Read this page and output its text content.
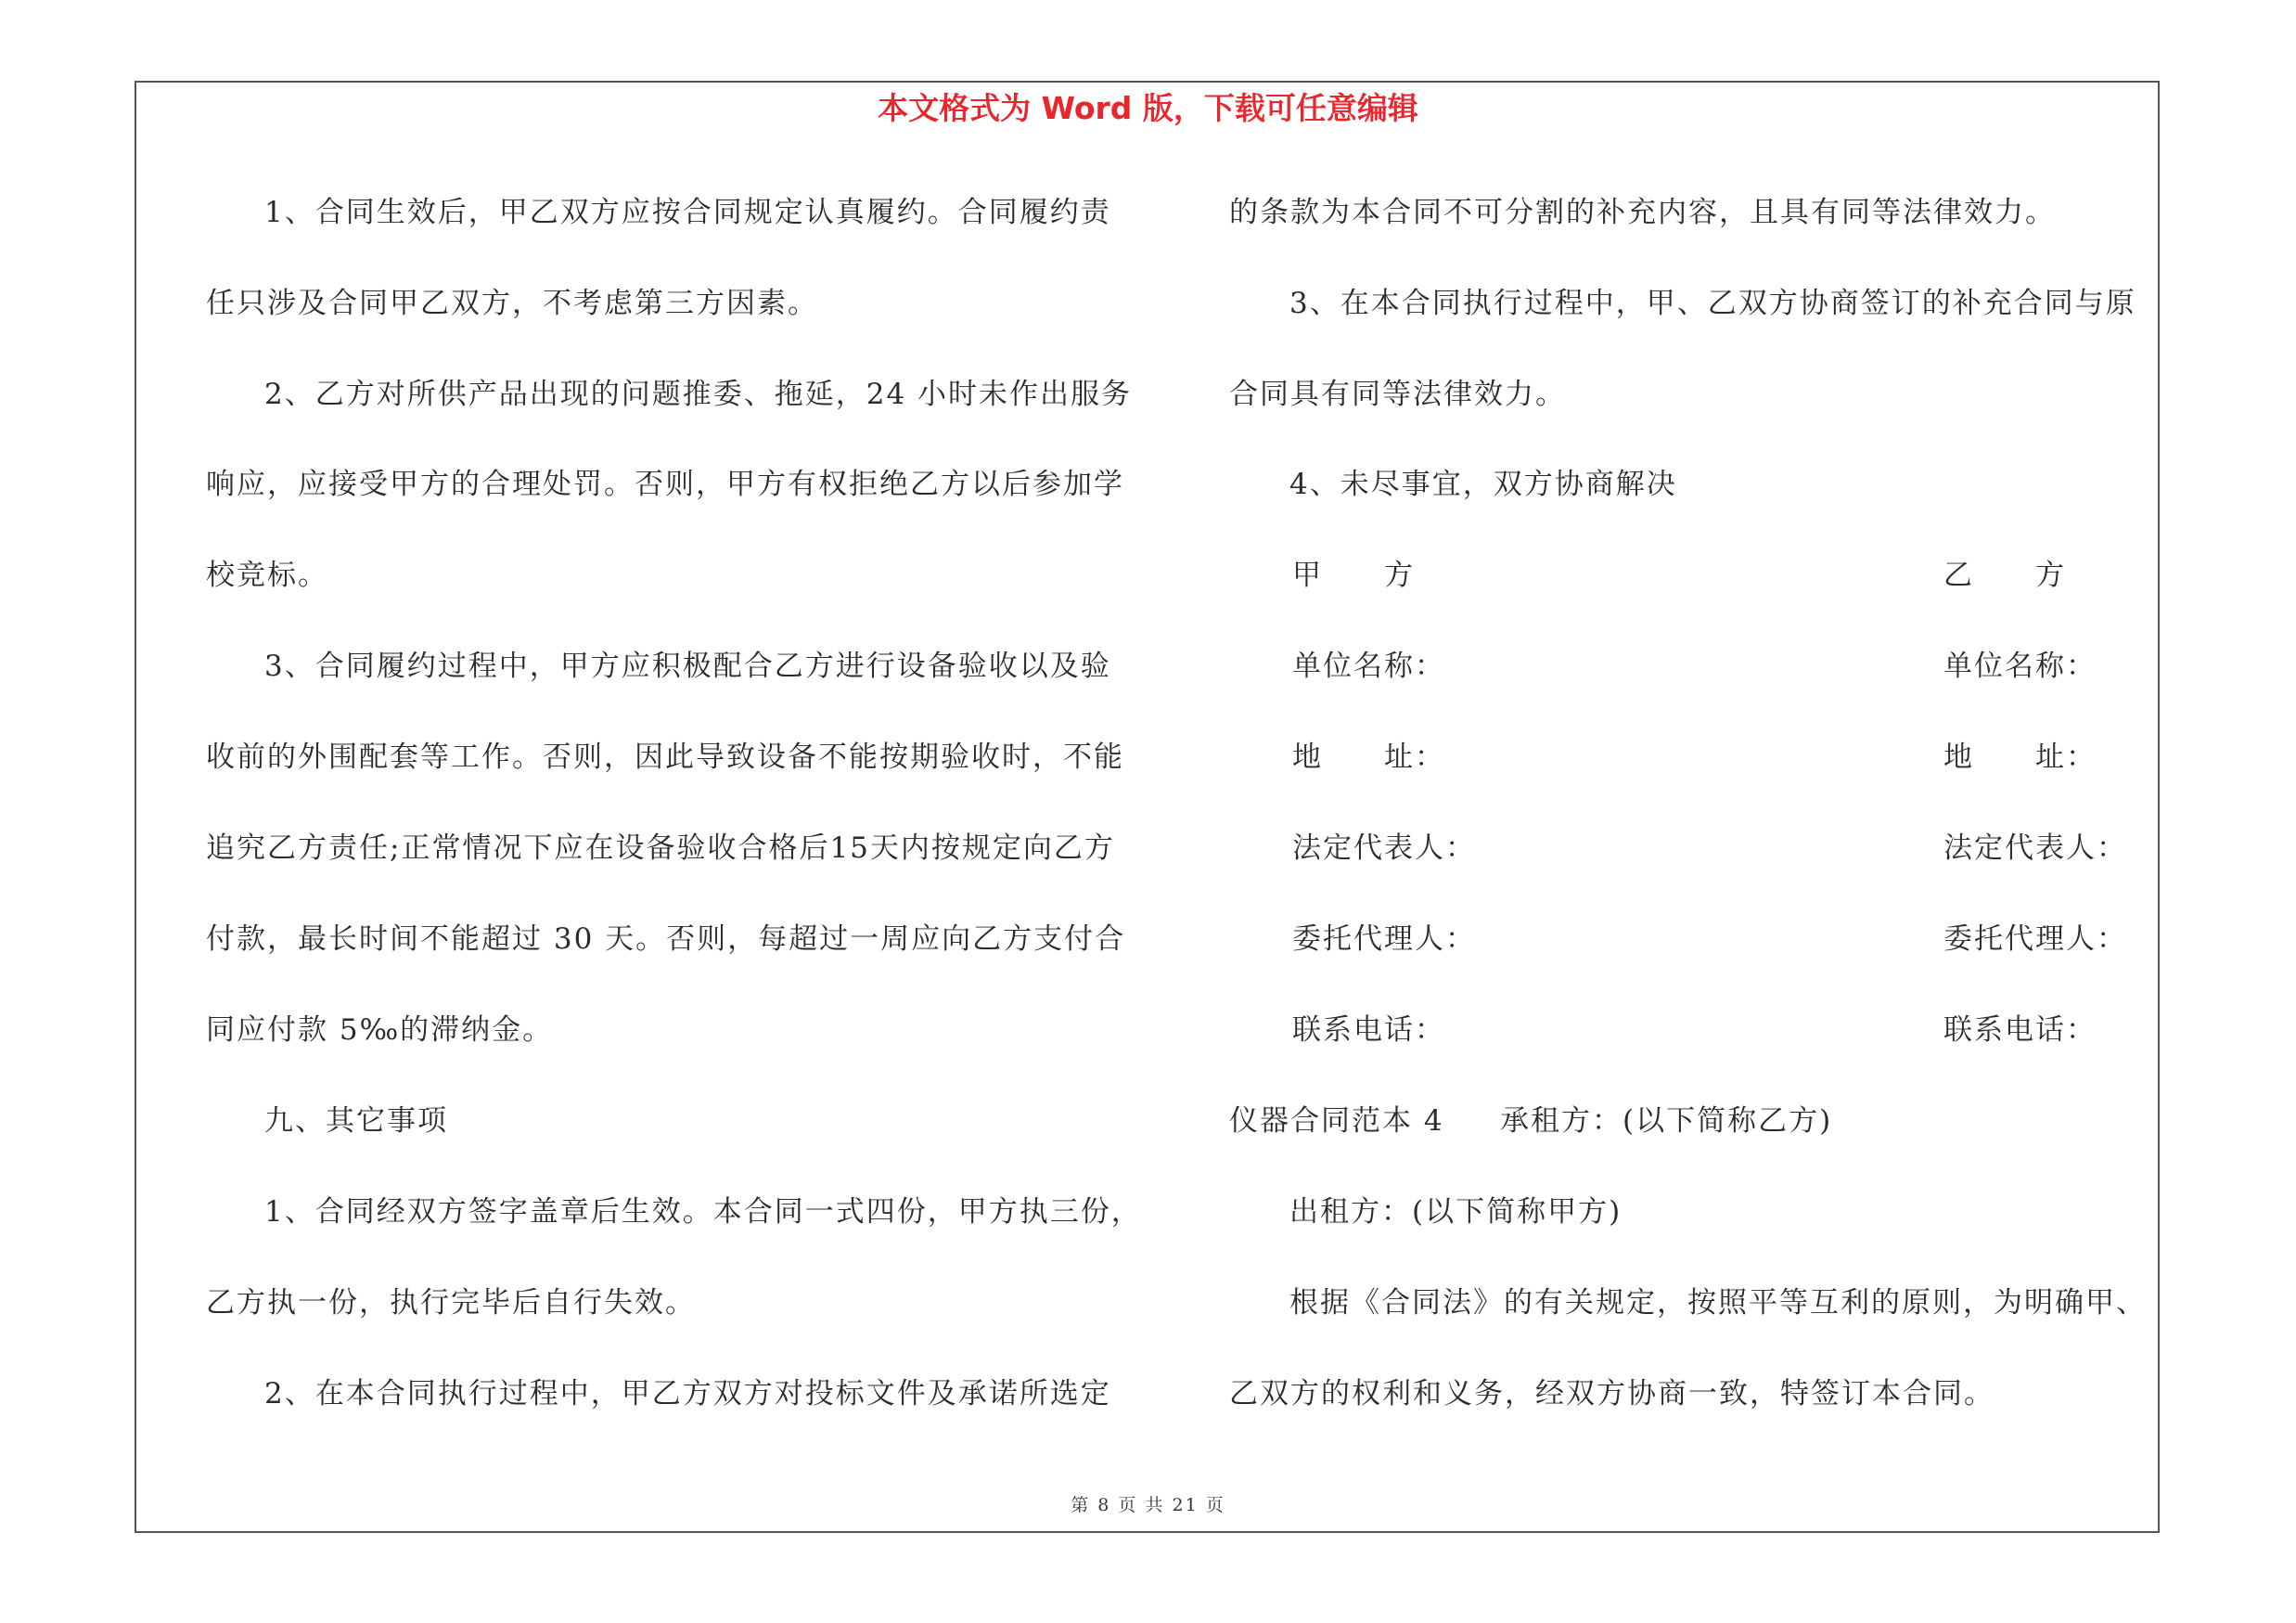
本文格式为 Word 版，下载可任意编辑
1、合同生效后，甲乙双方应按合同规定认真履约。合同履约责
任只涉及合同甲乙双方，不考虑第三方因素。
2、乙方对所供产品出现的问题推委、拖延，24 小时未作出服务
响应，应接受甲方的合理处罚。否则，甲方有权拒绝乙方以后参加学
校竞标。
3、合同履约过程中，甲方应积极配合乙方进行设备验收以及验
收前的外围配套等工作。否则，因此导致设备不能按期验收时，不能
追究乙方责任;正常情况下应在设备验收合格后15天内按规定向乙方
付款，最长时间不能超过 30 天。否则，每超过一周应向乙方支付合
同应付款 5‰的滞纳金。
九、其它事项
1、合同经双方签字盖章后生效。本合同一式四份，甲方执三份，
乙方执一份，执行完毕后自行失效。
2、在本合同执行过程中，甲乙方双方对投标文件及承诺所选定
的条款为本合同不可分割的补充内容，且具有同等法律效力。
3、在本合同执行过程中，甲、乙双方协商签订的补充合同与原
合同具有同等法律效力。
4、未尽事宜，双方协商解决
甲　　方
单位名称：
地　　址：
法定代表人：
委托代理人：
联系电话：
乙　　方
单位名称：
地　　址：
法定代表人：
委托代理人：
联系电话：
仪器合同范本 4 承租方：(以下简称乙方)
出租方：(以下简称甲方)
根据《合同法》的有关规定，按照平等互利的原则，为明确甲、
乙双方的权利和义务，经双方协商一致，特签订本合同。
第 8 页 共 21 页
